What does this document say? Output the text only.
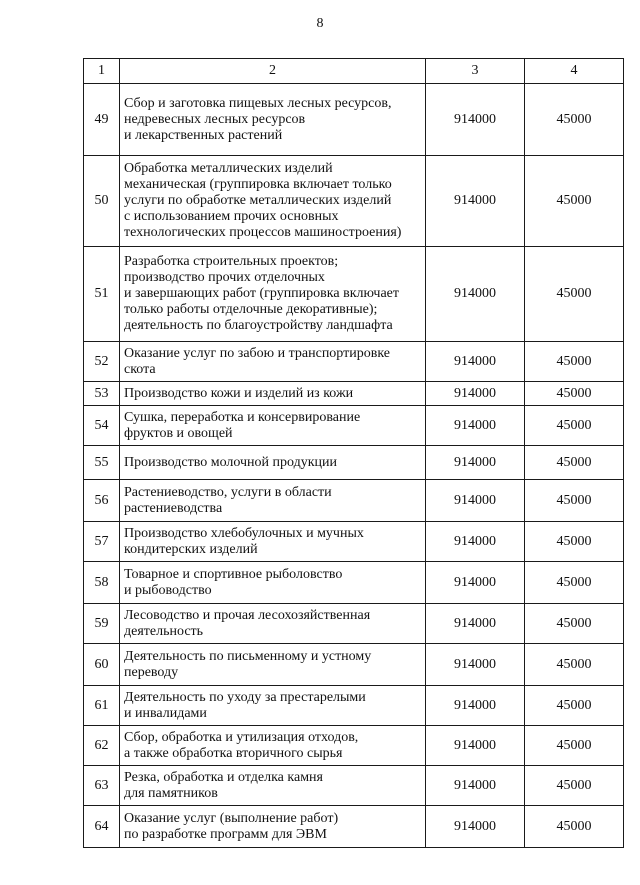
8
1	2	3	4
49	Сбор и заготовка пищевых лесных ресурсов,
недревесных лесных ресурсов
и лекарственных растений	914000	45000
50	Обработка металлических изделий
механическая (группировка включает только
услуги по обработке металлических изделий
с использованием прочих основных
технологических процессов машиностроения)	914000	45000
51	Разработка строительных проектов;
производство прочих отделочных
и завершающих работ (группировка включает
только работы отделочные декоративные);
деятельность по благоустройству ландшафта	914000	45000
52	Оказание услуг по забою и транспортировке
скота	914000	45000
53	Производство кожи и изделий из кожи	914000	45000
54	Сушка, переработка и консервирование
фруктов и овощей	914000	45000
55	Производство молочной продукции	914000	45000
56	Растениеводство, услуги в области
растениеводства	914000	45000
57	Производство хлебобулочных и мучных
кондитерских изделий	914000	45000
58	Товарное и спортивное рыболовство
и рыбоводство	914000	45000
59	Лесоводство и прочая лесохозяйственная
деятельность	914000	45000
60	Деятельность по письменному и устному
переводу	914000	45000
61	Деятельность по уходу за престарелыми
и инвалидами	914000	45000
62	Сбор, обработка и утилизация отходов,
а также обработка вторичного сырья	914000	45000
63	Резка, обработка и отделка камня
для памятников	914000	45000
64	Оказание услуг (выполнение работ)
по разработке программ для ЭВМ	914000	45000
